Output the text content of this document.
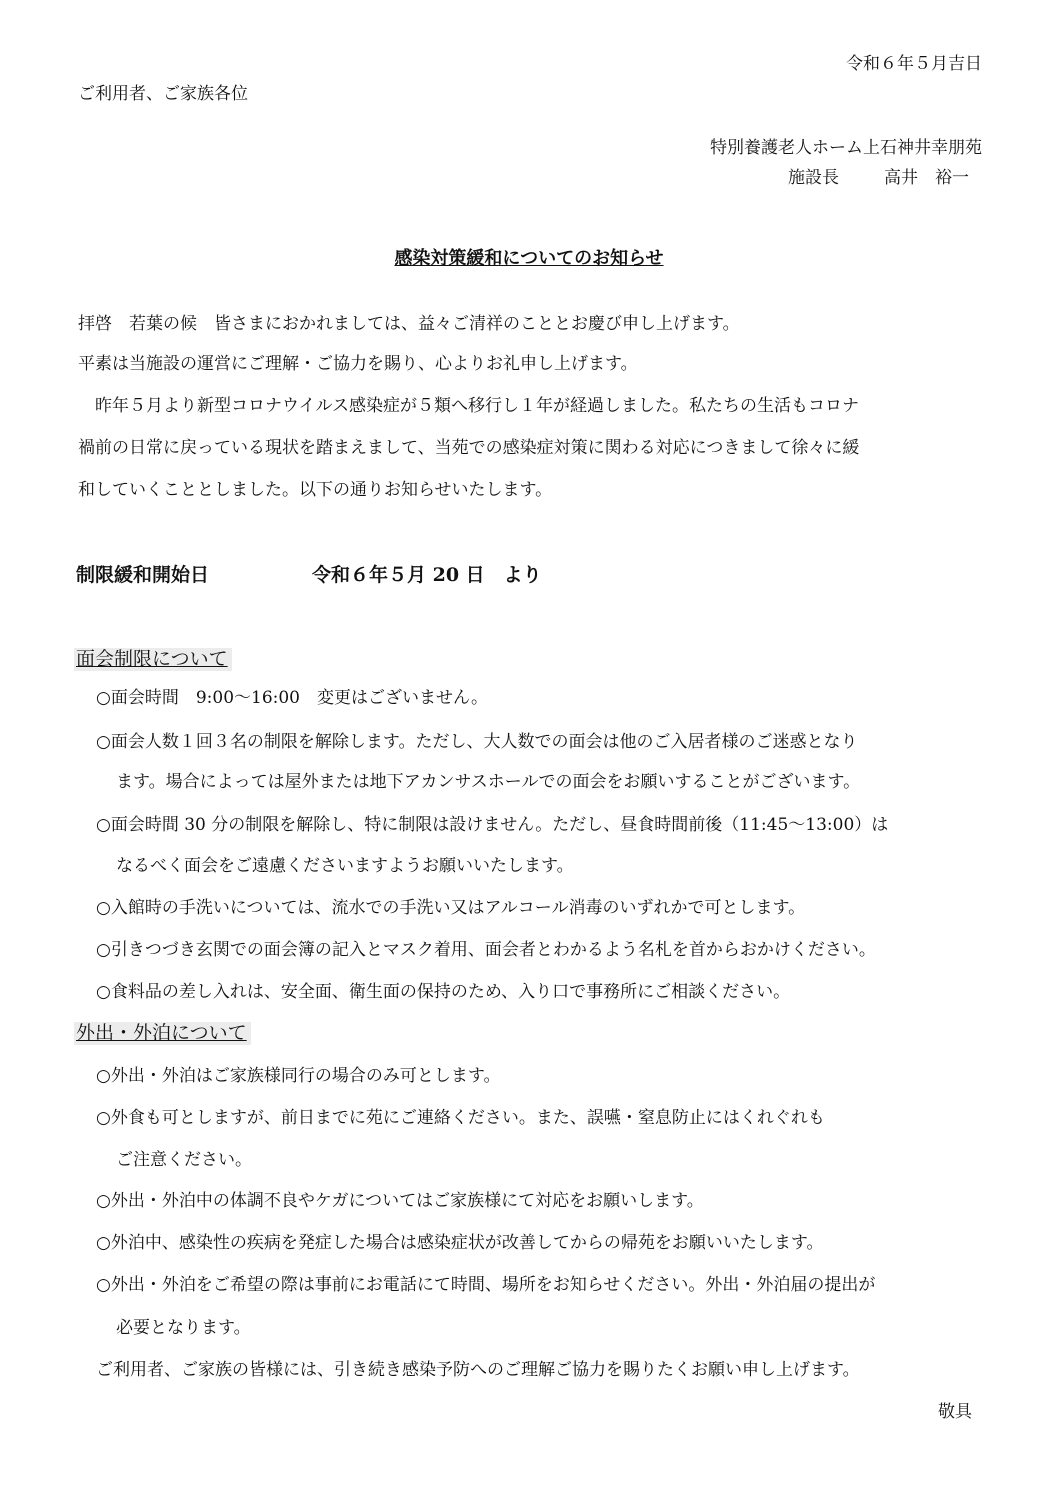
令和６年５月吉日
ご利用者、ご家族各位
特別養護老人ホーム上石神井幸朋苑
施設長	高井　裕一
感染対策緩和についてのお知らせ
拝啓　若葉の候　皆さまにおかれましては、益々ご清祥のこととお慶び申し上げます。
平素は当施設の運営にご理解・ご協力を賜り、心よりお礼申し上げます。
　昨年５月より新型コロナウイルス感染症が５類へ移行し１年が経過しました。私たちの生活もコロナ
禍前の日常に戻っている現状を踏まえまして、当苑での感染症対策に関わる対応につきまして徐々に緩
和していくこととしました。以下の通りお知らせいたします。
制限緩和開始日	令和６年５月 20 日　より
面会制限について
○面会時間　9:00～16:00　変更はございません。
○面会人数１回３名の制限を解除します。ただし、大人数での面会は他のご入居者様のご迷惑となり
ます。場合によっては屋外または地下アカンサスホールでの面会をお願いすることがございます。
○面会時間 30 分の制限を解除し、特に制限は設けません。ただし、昼食時間前後（11:45～13:00）は
なるべく面会をご遠慮くださいますようお願いいたします。
○入館時の手洗いについては、流水での手洗い又はアルコール消毒のいずれかで可とします。
○引きつづき玄関での面会簿の記入とマスク着用、面会者とわかるよう名札を首からおかけください。
○食料品の差し入れは、安全面、衛生面の保持のため、入り口で事務所にご相談ください。
外出・外泊について
○外出・外泊はご家族様同行の場合のみ可とします。
○外食も可としますが、前日までに苑にご連絡ください。また、誤嚥・窒息防止にはくれぐれも
ご注意ください。
○外出・外泊中の体調不良やケガについてはご家族様にて対応をお願いします。
○外泊中、感染性の疾病を発症した場合は感染症状が改善してからの帰苑をお願いいたします。
○外出・外泊をご希望の際は事前にお電話にて時間、場所をお知らせください。外出・外泊届の提出が
必要となります。
ご利用者、ご家族の皆様には、引き続き感染予防へのご理解ご協力を賜りたくお願い申し上げます。
敬具
